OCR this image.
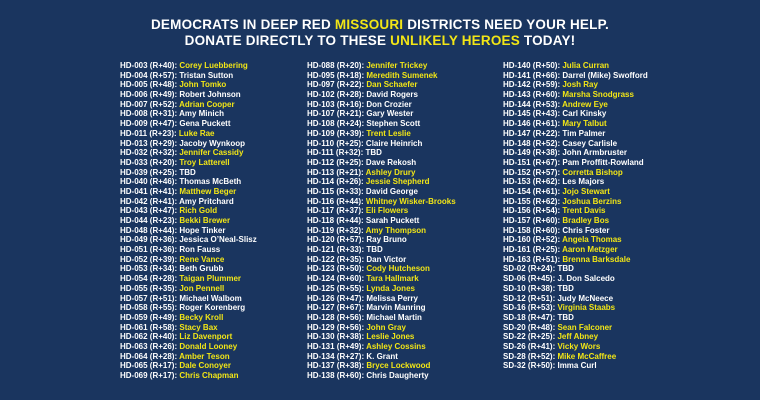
DEMOCRATS IN DEEP RED MISSOURI DISTRICTS NEED YOUR HELP.
DONATE DIRECTLY TO THESE UNLIKELY HEROES TODAY!
HD-003 (R+40): Corey Luebbering
HD-004 (R+57): Tristan Sutton
HD-005 (R+48): John Tomko
HD-006 (R+49): Robert Johnson
HD-007 (R+52): Adrian Cooper
HD-008 (R+31): Amy Minich
HD-009 (R+47): Gena Puckett
HD-011 (R+23): Luke Rae
HD-013 (R+29): Jacoby Wynkoop
HD-032 (R+32): Jennifer Cassidy
HD-033 (R+20): Troy Latterell
HD-039 (R+25): TBD
HD-040 (R+46): Thomas McBeth
HD-041 (R+41): Matthew Beger
HD-042 (R+41): Amy Pritchard
HD-043 (R+47): Rich Gold
HD-044 (R+23): Bekki Brewer
HD-048 (R+44): Hope Tinker
HD-049 (R+36): Jessica O’Neal-Slisz
HD-051 (R+36): Ron Fauss
HD-052 (R+39): Rene Vance
HD-053 (R+34): Beth Grubb
HD-054 (R+28): Taigan Plummer
HD-055 (R+35): Jon Pennell
HD-057 (R+51): Michael Walbom
HD-058 (R+55): Roger Korenberg
HD-059 (R+49): Becky Kroll
HD-061 (R+58): Stacy Bax
HD-062 (R+40): Liz Davenport
HD-063 (R+26): Donald Looney
HD-064 (R+28): Amber Teson
HD-065 (R+17): Dale Conoyer
HD-069 (R+17): Chris Chapman
HD-088 (R+20): Jennifer Trickey
HD-095 (R+18): Meredith Sumenek
HD-097 (R+22): Dan Schaefer
HD-102 (R+28): David Rogers
HD-103 (R+16): Don Crozier
HD-107 (R+21): Gary Wester
HD-108 (R+24): Stephen Scott
HD-109 (R+39): Trent Leslie
HD-110 (R+25): Claire Heinrich
HD-111 (R+32): TBD
HD-112 (R+25): Dave Rekosh
HD-113 (R+21): Ashley Drury
HD-114 (R+26): Jessie Shepherd
HD-115 (R+33): David George
HD-116 (R+44): Whitney Wisker-Brooks
HD-117 (R+37): Eli Flowers
HD-118 (R+44): Sarah Puckett
HD-119 (R+32): Amy Thompson
HD-120 (R+57): Ray Bruno
HD-121 (R+33): TBD
HD-122 (R+35): Dan Victor
HD-123 (R+50): Cody Hutcheson
HD-124 (R+60): Tara Hallmark
HD-125 (R+55): Lynda Jones
HD-126 (R+47): Melissa Perry
HD-127 (R+67): Marvin Manring
HD-128 (R+56): Michael Martin
HD-129 (R+56): John Gray
HD-130 (R+38): Leslie Jones
HD-131 (R+49): Ashley Cossins
HD-134 (R+27): K. Grant
HD-137 (R+38): Bryce Lockwood
HD-138 (R+60): Chris Daugherty
HD-140 (R+50): Julia Curran
HD-141 (R+66): Darrel (Mike) Swofford
HD-142 (R+59): Josh Ray
HD-143 (R+60): Marsha Snodgrass
HD-144 (R+53): Andrew Eye
HD-145 (R+43): Carl Kinsky
HD-146 (R+61): Mary Talbut
HD-147 (R+22): Tim Palmer
HD-148 (R+52): Casey Carlisle
HD-149 (R+38): John Armbruster
HD-151 (R+67): Pam Proffitt-Rowland
HD-152 (R+57): Corretta Bishop
HD-153 (R+62): Les Majors
HD-154 (R+61): Jojo Stewart
HD-155 (R+62): Joshua Berzins
HD-156 (R+54): Trent Davis
HD-157 (R+60): Bradley Bos
HD-158 (R+60): Chris Foster
HD-160 (R+52): Angela Thomas
HD-161 (R+25): Aaron Metzger
HD-163 (R+51): Brenna Barksdale
SD-02 (R+24): TBD
SD-06 (R+45): J. Don Salcedo
SD-10 (R+38): TBD
SD-12 (R+51): Judy McNeece
SD-16 (R+53): Virginia Staabs
SD-18 (R+47): TBD
SD-20 (R+48): Sean Falconer
SD-22 (R+25): Jeff Abney
SD-26 (R+41): Vicky Wors
SD-28 (R+52): Mike McCaffree
SD-32 (R+50): Imma Curl
